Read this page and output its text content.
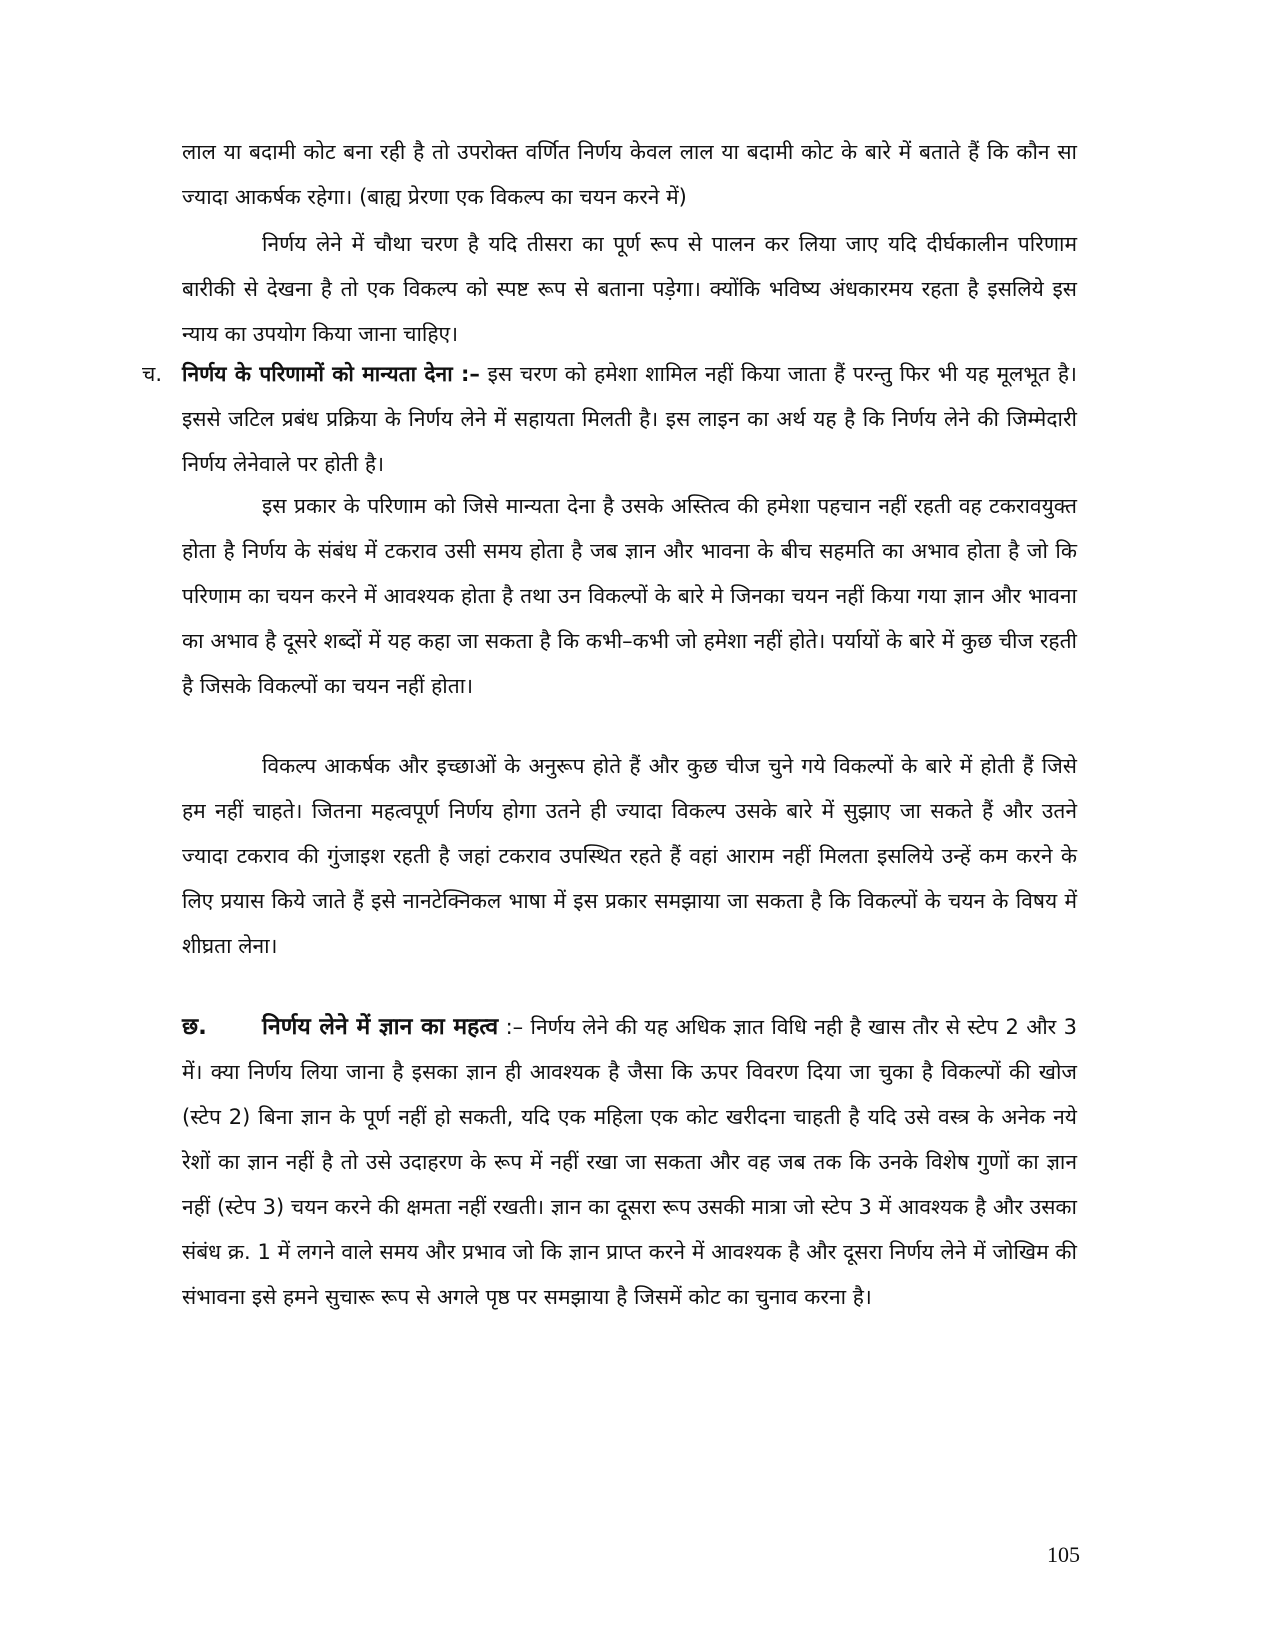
लाल या बदामी कोट बना रही है तो उपरोक्त वर्णित निर्णय केवल लाल या बदामी कोट के बारे में बताते हैं कि कौन सा ज्यादा आकर्षक रहेगा। (बाह्य प्रेरणा एक विकल्प का चयन करने में)

निर्णय लेने में चौथा चरण है यदि तीसरा का पूर्ण रूप से पालन कर लिया जाए यदि दीर्घकालीन परिणाम बारीकी से देखना है तो एक विकल्प को स्पष्ट रूप से बताना पड़ेगा। क्योंकि भविष्य अंधकारमय रहता है इसलिये इस न्याय का उपयोग किया जाना चाहिए।

च. निर्णय के परिणामों को मान्यता देना :– इस चरण को हमेशा शामिल नहीं किया जाता हैं परन्तु फिर भी यह मूलभूत है। इससे जटिल प्रबंध प्रक्रिया के निर्णय लेने में सहायता मिलती है। इस लाइन का अर्थ यह है कि निर्णय लेने की जिम्मेदारी निर्णय लेनेवाले पर होती है।

इस प्रकार के परिणाम को जिसे मान्यता देना है उसके अस्तित्व की हमेशा पहचान नहीं रहती वह टकरावयुक्त होता है निर्णय के संबंध में टकराव उसी समय होता है जब ज्ञान और भावना के बीच सहमति का अभाव होता है जो कि परिणाम का चयन करने में आवश्यक होता है तथा उन विकल्पों के बारे मे जिनका चयन नहीं किया गया ज्ञान और भावना का अभाव है दूसरे शब्दों में यह कहा जा सकता है कि कभी–कभी जो हमेशा नहीं होते। पर्यायों के बारे में कुछ चीज रहती है जिसके विकल्पों का चयन नहीं होता।

विकल्प आकर्षक और इच्छाओं के अनुरूप होते हैं और कुछ चीज चुने गये विकल्पों के बारे में होती हैं जिसे हम नहीं चाहते। जितना महत्वपूर्ण निर्णय होगा उतने ही ज्यादा विकल्प उसके बारे में सुझाए जा सकते हैं और उतने ज्यादा टकराव की गुंजाइश रहती है जहां टकराव उपस्थित रहते हैं वहां आराम नहीं मिलता इसलिये उन्हें कम करने के लिए प्रयास किये जाते हैं इसे नानटेक्निकल भाषा में इस प्रकार समझाया जा सकता है कि विकल्पों के चयन के विषय में शीघ्रता लेना।

छ.	निर्णय लेने में ज्ञान का महत्व :– निर्णय लेने की यह अधिक ज्ञात विधि नही है खास तौर से स्टेप 2 और 3 में। क्या निर्णय लिया जाना है इसका ज्ञान ही आवश्यक है जैसा कि ऊपर विवरण दिया जा चुका है विकल्पों की खोज (स्टेप 2) बिना ज्ञान के पूर्ण नहीं हो सकती, यदि एक महिला एक कोट खरीदना चाहती है यदि उसे वस्त्र के अनेक नये रेशों का ज्ञान नहीं है तो उसे उदाहरण के रूप में नहीं रखा जा सकता और वह जब तक कि उनके विशेष गुणों का ज्ञान नहीं (स्टेप 3) चयन करने की क्षमता नहीं रखती। ज्ञान का दूसरा रूप उसकी मात्रा जो स्टेप 3 में आवश्यक है और उसका संबंध क्र. 1 में लगने वाले समय और प्रभाव जो कि ज्ञान प्राप्त करने में आवश्यक है और दूसरा निर्णय लेने में जोखिम की संभावना इसे हमने सुचारू रूप से अगले पृष्ठ पर समझाया है जिसमें कोट का चुनाव करना है।

105
